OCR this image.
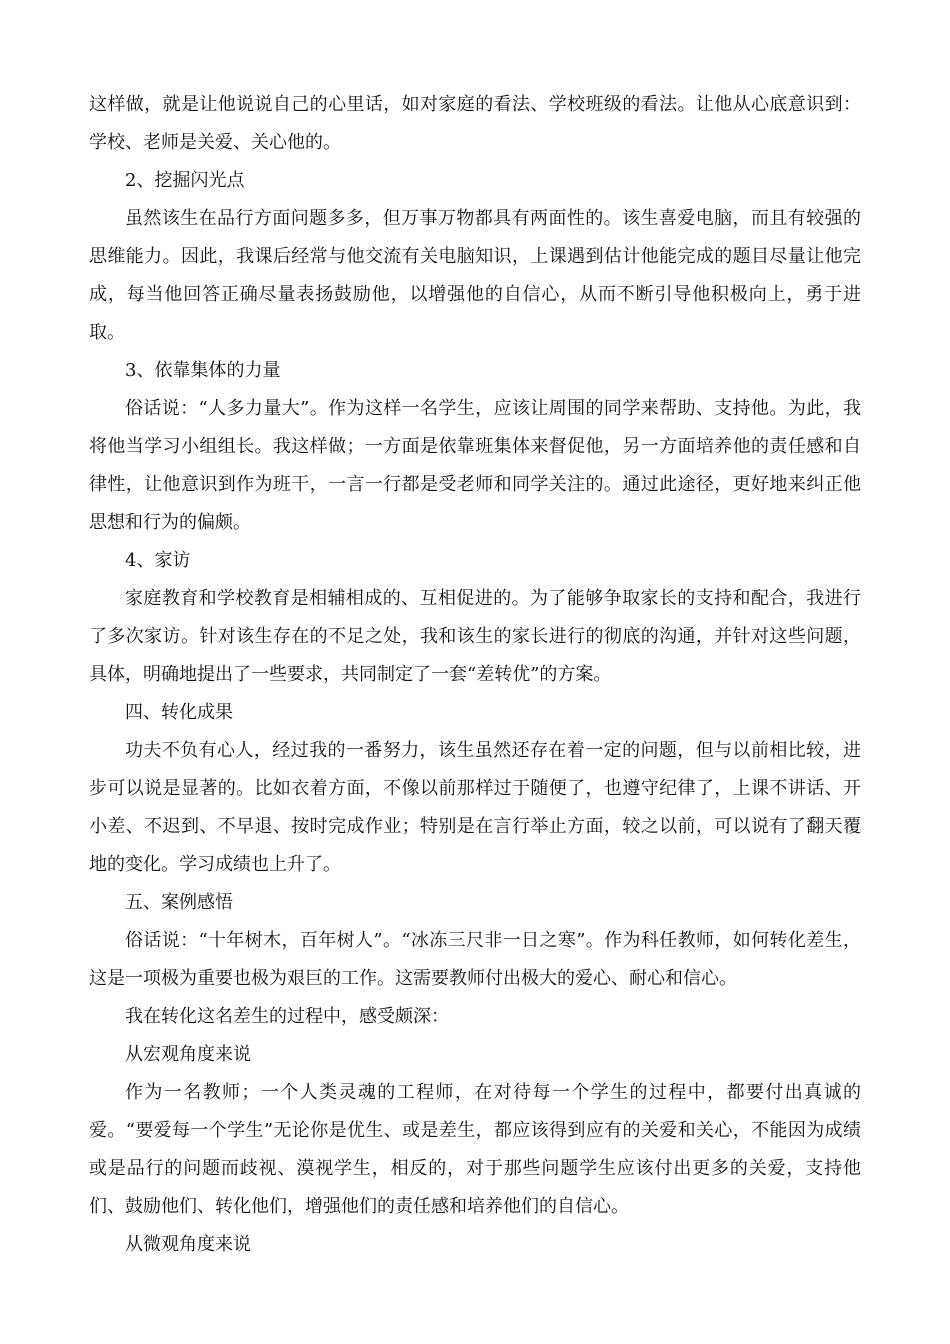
这样做，就是让他说说自己的心里话，如对家庭的看法、学校班级的看法。让他从心底意识到：学校、老师是关爱、关心他的。

2、挖掘闪光点

虽然该生在品行方面问题多多，但万事万物都具有两面性的。该生喜爱电脑，而且有较强的思维能力。因此，我课后经常与他交流有关电脑知识，上课遇到估计他能完成的题目尽量让他完成，每当他回答正确尽量表扬鼓励他，以增强他的自信心，从而不断引导他积极向上，勇于进取。

3、依靠集体的力量

俗话说：“人多力量大”。作为这样一名学生，应该让周围的同学来帮助、支持他。为此，我将他当学习小组组长。我这样做；一方面是依靠班集体来督促他，另一方面培养他的责任感和自律性，让他意识到作为班干，一言一行都是受老师和同学关注的。通过此途径，更好地来纠正他思想和行为的偏颇。

4、家访

家庭教育和学校教育是相辅相成的、互相促进的。为了能够争取家长的支持和配合，我进行了多次家访。针对该生存在的不足之处，我和该生的家长进行的彻底的沟通，并针对这些问题，具体，明确地提出了一些要求，共同制定了一套“差转优”的方案。

四、转化成果

功夫不负有心人，经过我的一番努力，该生虽然还存在着一定的问题，但与以前相比较，进步可以说是显著的。比如衣着方面，不像以前那样过于随便了，也遵守纪律了，上课不讲话、开小差、不迟到、不早退、按时完成作业；特别是在言行举止方面，较之以前，可以说有了翻天覆地的变化。学习成绩也上升了。

五、案例感悟

俗话说：“十年树木，百年树人”。“冰冻三尺非一日之寒”。作为科任教师，如何转化差生，这是一项极为重要也极为艰巨的工作。这需要教师付出极大的爱心、耐心和信心。

我在转化这名差生的过程中，感受颇深：

从宏观角度来说

作为一名教师；一个人类灵魂的工程师，在对待每一个学生的过程中，都要付出真诚的爱。“要爱每一个学生”无论你是优生、或是差生，都应该得到应有的关爱和关心，不能因为成绩或是品行的问题而歧视、漠视学生，相反的，对于那些问题学生应该付出更多的关爱，支持他们、鼓励他们、转化他们，增强他们的责任感和培养他们的自信心。

从微观角度来说
